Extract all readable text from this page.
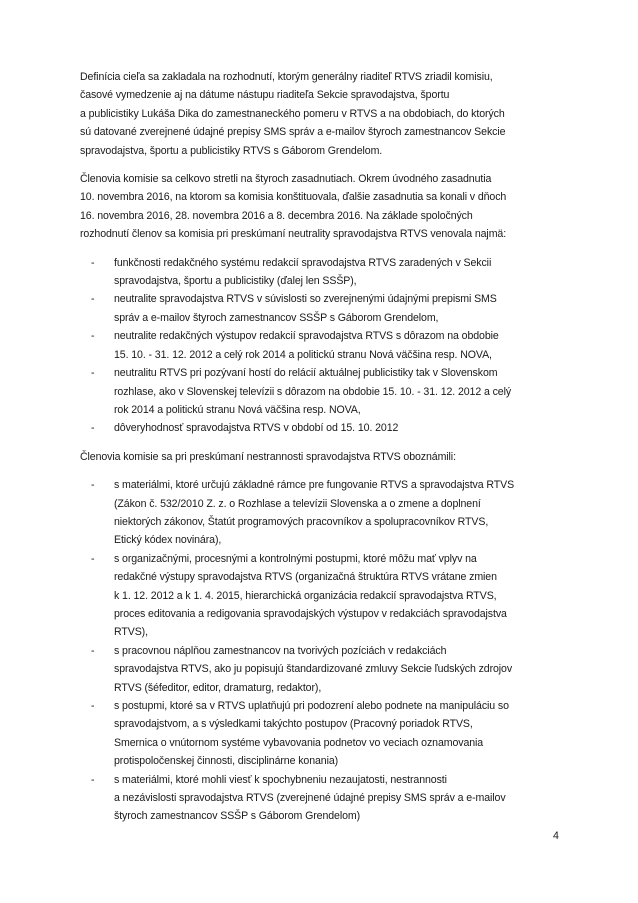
Definícia cieľa sa zakladala na rozhodnutí, ktorým generálny riaditeľ RTVS zriadil komisiu,
časové vymedzenie aj na dátume nástupu riaditeľa Sekcie spravodajstva, športu
a publicistiky Lukáša Dika do zamestnaneckého pomeru v RTVS a na obdobiach, do ktorých
sú datované zverejnené údajné prepisy SMS správ a e-mailov štyroch zamestnancov Sekcie
spravodajstva, športu a publicistiky RTVS s Gáborom Grendelom.

Členovia komisie sa celkovo stretli na štyroch zasadnutiach. Okrem úvodného zasadnutia
10. novembra 2016, na ktorom sa komisia konštituovala, ďalšie zasadnutia sa konali v dňoch
16. novembra 2016, 28. novembra 2016 a 8. decembra 2016. Na základe spoločných
rozhodnutí členov sa komisia pri preskúmaní neutrality spravodajstva RTVS venovala najmä:

- funkčnosti redakčného systému redakcií spravodajstva RTVS zaradených v Sekcii
spravodajstva, športu a publicistiky (ďalej len SSŠP),
- neutralite spravodajstva RTVS v súvislosti so zverejnenými údajnými prepismi SMS
správ a e-mailov štyroch zamestnancov SSŠP s Gáborom Grendelom,
- neutralite redakčných výstupov redakcií spravodajstva RTVS s dôrazom na obdobie
15. 10. - 31. 12. 2012 a celý rok 2014 a politickú stranu Nová väčšina resp. NOVA,
- neutralitu RTVS pri pozývaní hostí do relácií aktuálnej publicistiky tak v Slovenskom
rozhlase, ako v Slovenskej televízii s dôrazom na obdobie 15. 10. - 31. 12. 2012 a celý
rok 2014 a politickú stranu Nová väčšina resp. NOVA,
- dôveryhodnosť spravodajstva RTVS v období od 15. 10. 2012

Členovia komisie sa pri preskúmaní nestrannosti spravodajstva RTVS oboznámili:

- s materiálmi, ktoré určujú základné rámce pre fungovanie RTVS a spravodajstva RTVS
(Zákon č. 532/2010 Z. z. o Rozhlase a televízii Slovenska a o zmene a doplnení
niektorých zákonov, Štatút programových pracovníkov a spolupracovníkov RTVS,
Etický kódex novinára),
- s organizačnými, procesnými a kontrolnými postupmi, ktoré môžu mať vplyv na
redakčné výstupy spravodajstva RTVS (organizačná štruktúra RTVS vrátane zmien
k 1. 12. 2012 a k 1. 4. 2015, hierarchická organizácia redakcií spravodajstva RTVS,
proces editovania a redigovania spravodajských výstupov v redakciách spravodajstva
RTVS),
- s pracovnou náplňou zamestnancov na tvorivých pozíciách v redakciách
spravodajstva RTVS, ako ju popisujú štandardizované zmluvy Sekcie ľudských zdrojov
RTVS (šéfeditor, editor, dramaturg, redaktor),
- s postupmi, ktoré sa v RTVS uplatňujú pri podozrení alebo podnete na manipuláciu so
spravodajstvom, a s výsledkami takýchto postupov (Pracovný poriadok RTVS,
Smernica o vnútornom systéme vybavovania podnetov vo veciach oznamovania
protispoločenskej činnosti, disciplinárne konania)
- s materiálmi, ktoré mohli viesť k spochybneniu nezaujatosti, nestrannosti
a nezávislosti spravodajstva RTVS (zverejnené údajné prepisy SMS správ a e-mailov
štyroch zamestnancov SSŠP s Gáborom Grendelom)
4
